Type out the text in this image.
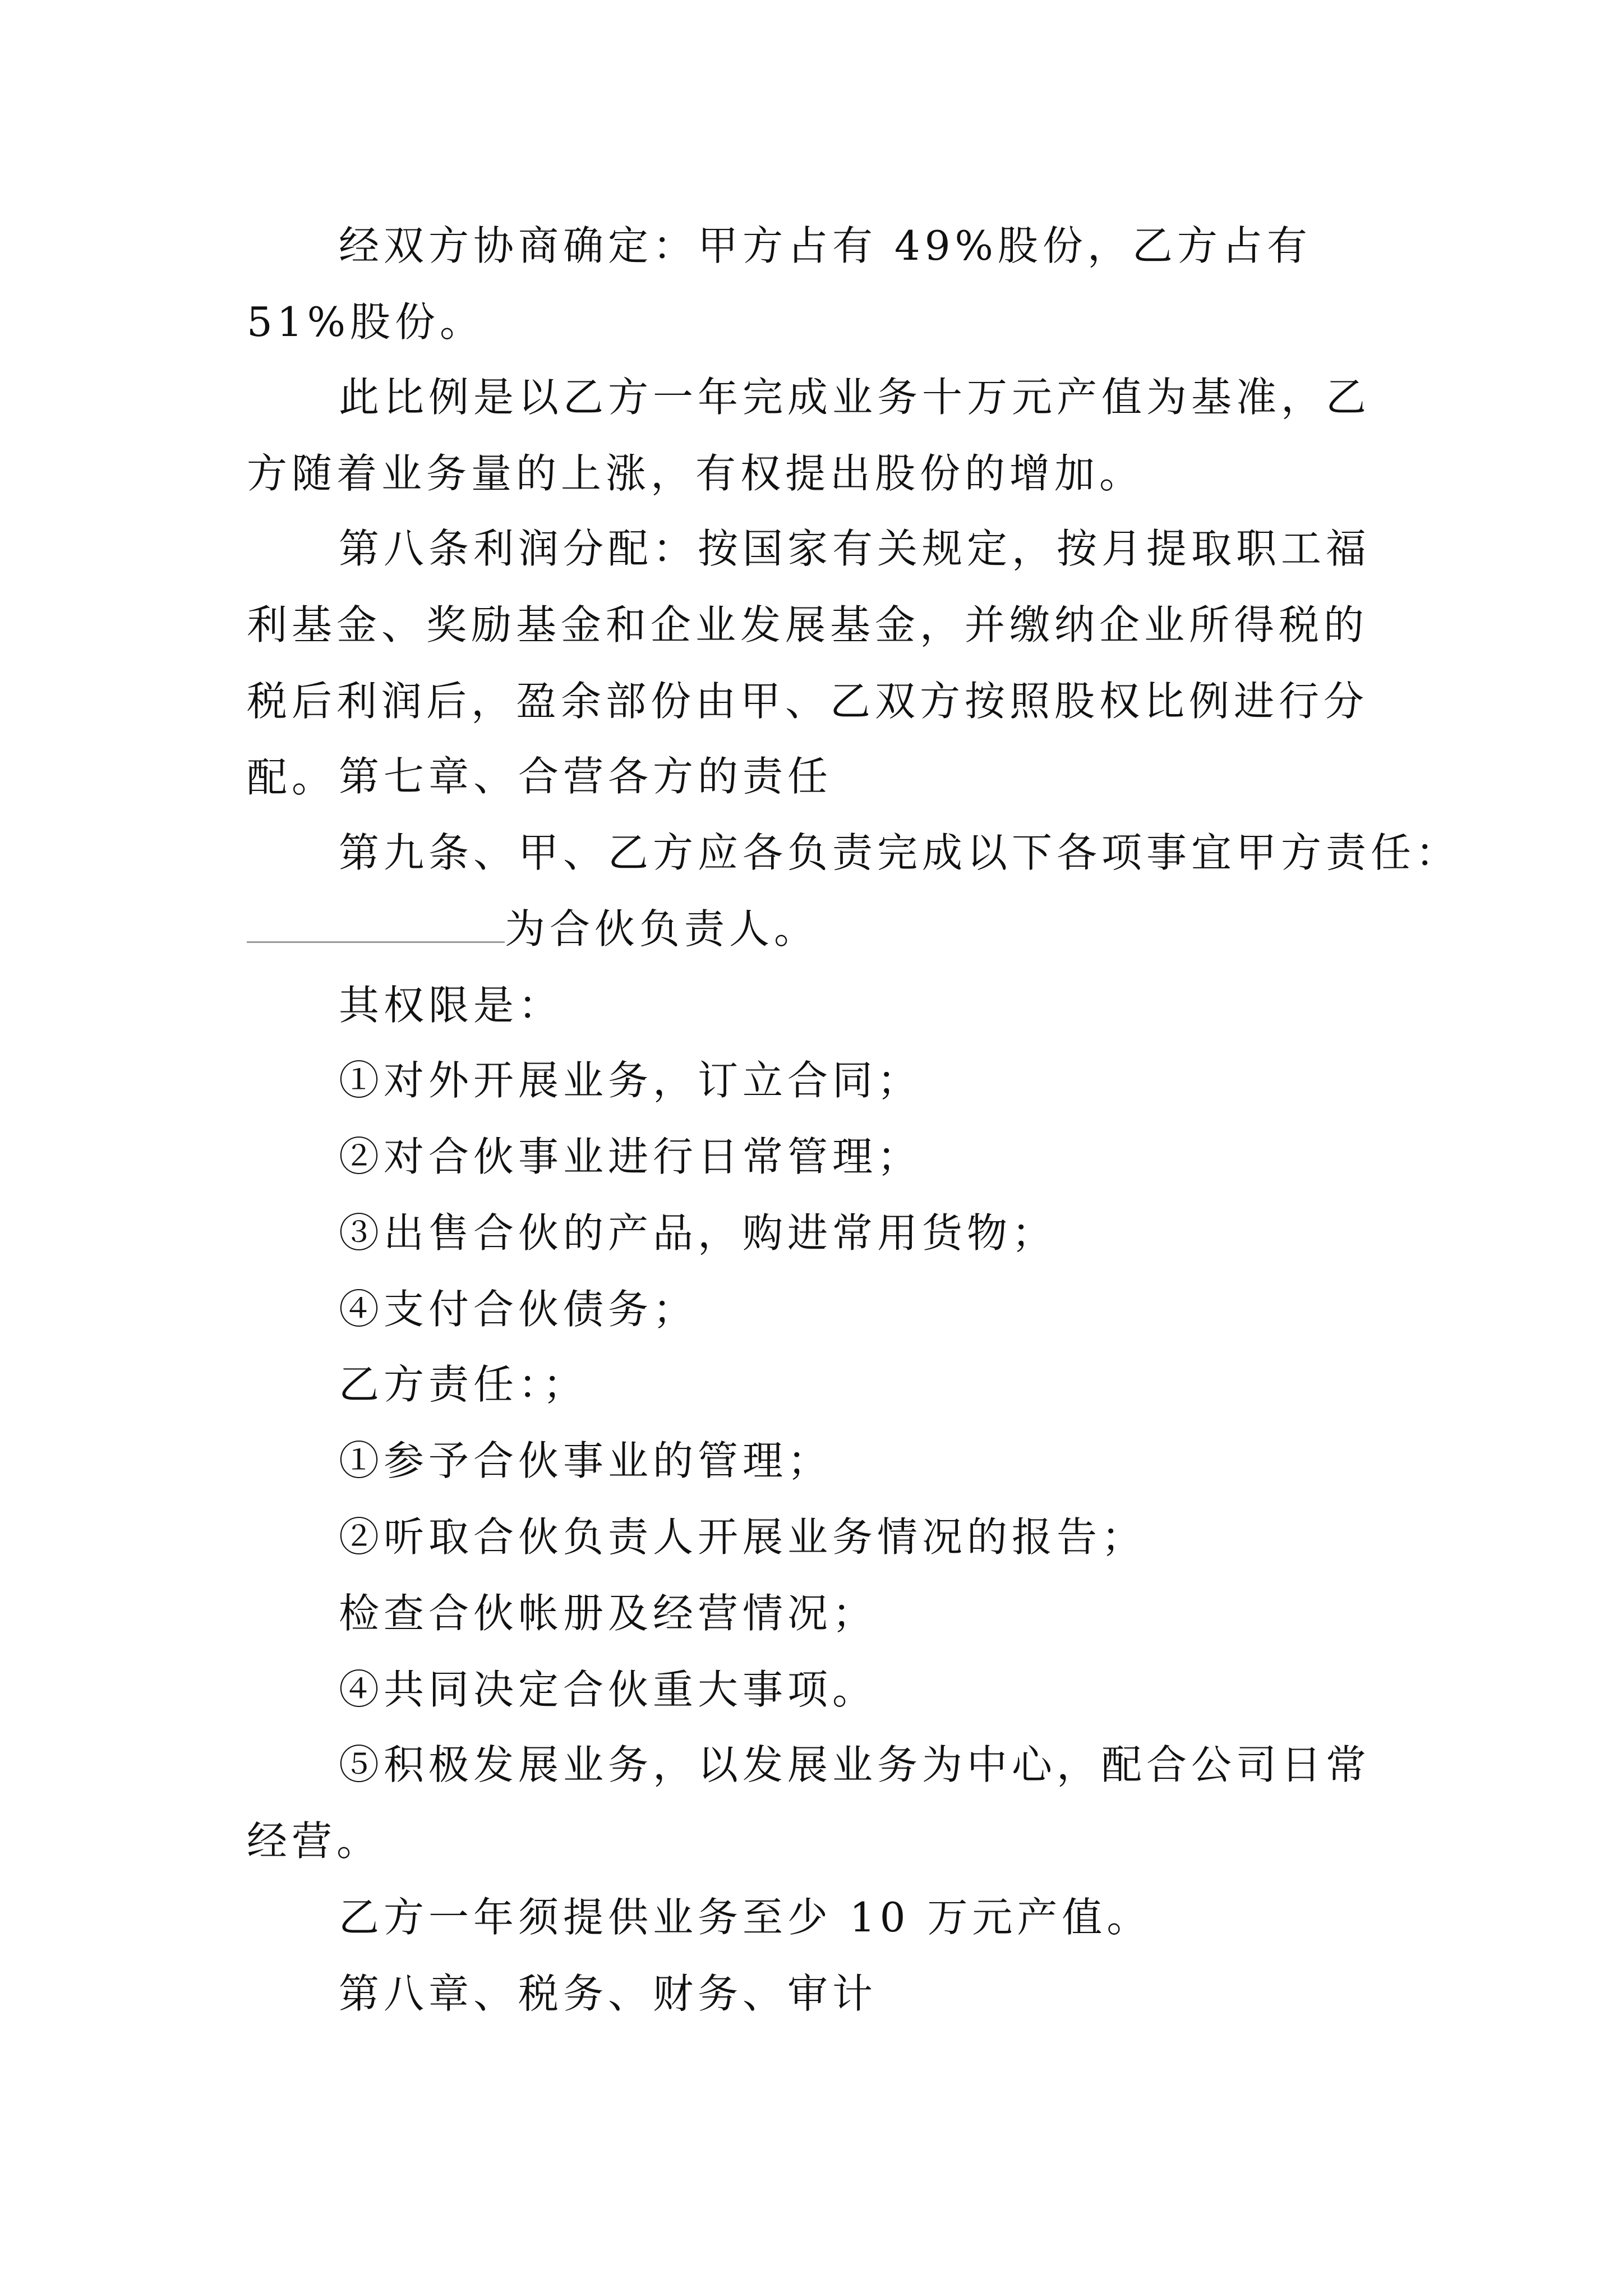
经双方协商确定：甲方占有 49%股份，乙方占有 51%股份。
此比例是以乙方一年完成业务十万元产值为基准，乙方随着业务量的上涨，有权提出股份的增加。
第八条利润分配：按国家有关规定，按月提取职工福利基金、奖励基金和企业发展基金，并缴纳企业所得税的税后利润后，盈余部份由甲、乙双方按照股权比例进行分配。 第七章、合营各方的责任
第九条、甲、乙方应各负责完成以下各项事宜甲方责任：
为合伙负责人。
其权限是：
①对外开展业务，订立合同；
②对合伙事业进行日常管理；
③出售合伙的产品，购进常用货物；
④支付合伙债务；
乙方责任：；
①参予合伙事业的管理；
②听取合伙负责人开展业务情况的报告；
检查合伙帐册及经营情况；
④共同决定合伙重大事项。
⑤积极发展业务，以发展业务为中心，配合公司日常经营。
乙方一年须提供业务至少 10 万元产值。
第八章、税务、财务、审计
